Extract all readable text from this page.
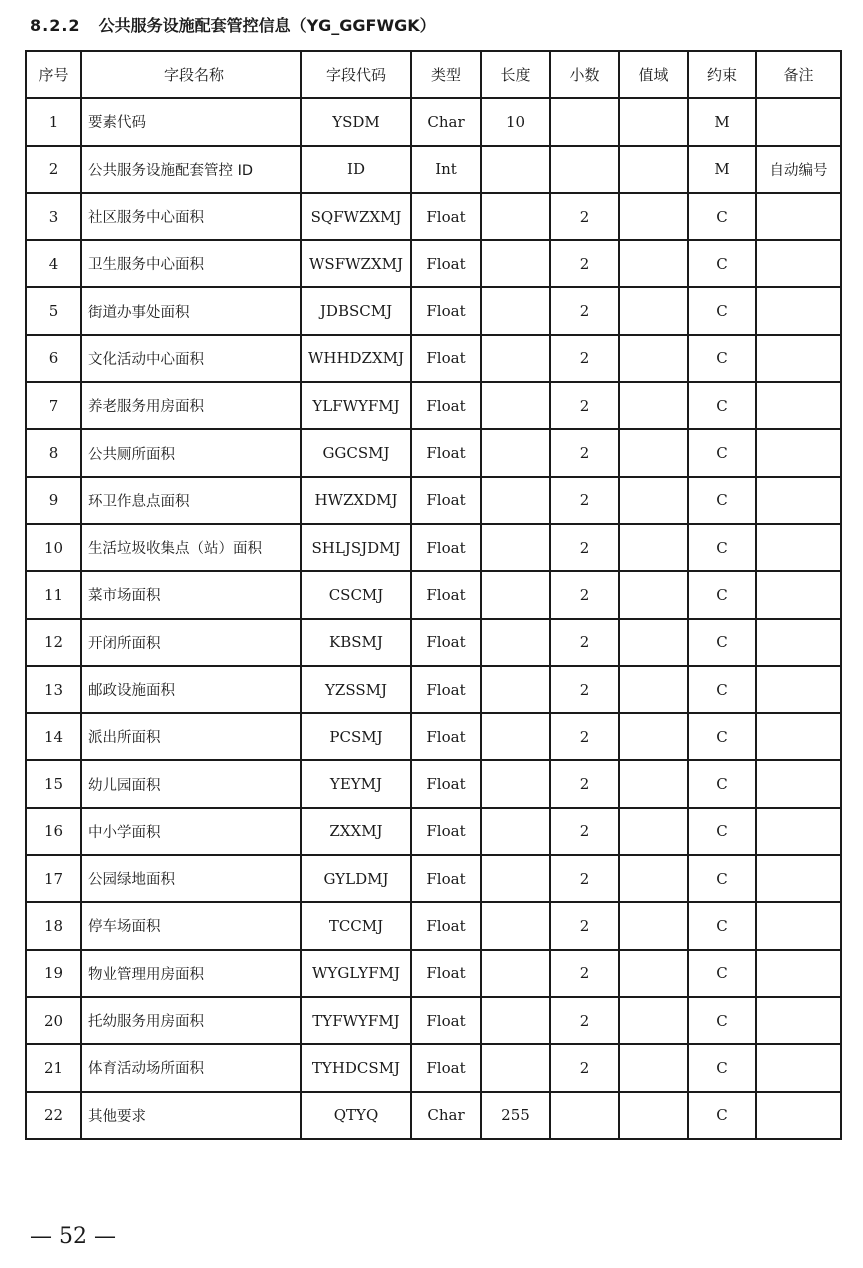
8.2.2 公共服务设施配套管控信息（YG_GGFWGK）
序号	字段名称	字段代码	类型	长度	小数	值域	约束	备注
1	要素代码	YSDM	Char	10			M	
2	公共服务设施配套管控 ID	ID	Int				M	自动编号
3	社区服务中心面积	SQFWZXMJ	Float		2		C	
4	卫生服务中心面积	WSFWZXMJ	Float		2		C	
5	街道办事处面积	JDBSCMJ	Float		2		C	
6	文化活动中心面积	WHHDZXMJ	Float		2		C	
7	养老服务用房面积	YLFWYFMJ	Float		2		C	
8	公共厕所面积	GGCSMJ	Float		2		C	
9	环卫作息点面积	HWZXDMJ	Float		2		C	
10	生活垃圾收集点（站）面积	SHLJSJDMJ	Float		2		C	
11	菜市场面积	CSCMJ	Float		2		C	
12	开闭所面积	KBSMJ	Float		2		C	
13	邮政设施面积	YZSSMJ	Float		2		C	
14	派出所面积	PCSMJ	Float		2		C	
15	幼儿园面积	YEYMJ	Float		2		C	
16	中小学面积	ZXXMJ	Float		2		C	
17	公园绿地面积	GYLDMJ	Float		2		C	
18	停车场面积	TCCMJ	Float		2		C	
19	物业管理用房面积	WYGLYFMJ	Float		2		C	
20	托幼服务用房面积	TYFWYFMJ	Float		2		C	
21	体育活动场所面积	TYHDCSMJ	Float		2		C	
22	其他要求	QTYQ	Char	255			C	
— 52 —
